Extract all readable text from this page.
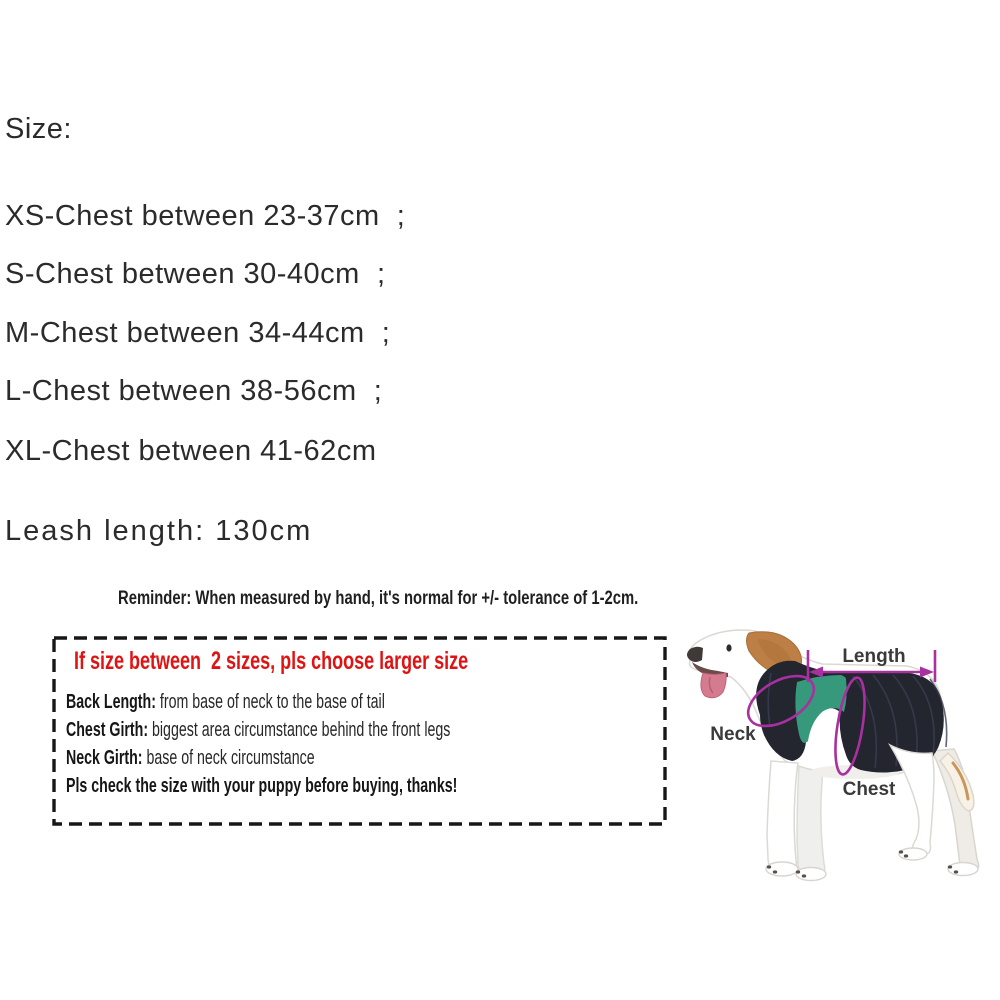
Size:
XS-Chest between 23-37cm  ;
S-Chest between 30-40cm  ;
M-Chest between 34-44cm  ;
L-Chest between 38-56cm  ;
XL-Chest between 41-62cm
Leash length: 130cm
Reminder: When measured by hand, it's normal for +/- tolerance of 1-2cm.
If size between  2 sizes, pls choose larger size
Back Length: from base of neck to the base of tail
Chest Girth: biggest area circumstance behind the front legs
Neck Girth: base of neck circumstance
Pls check the size with your puppy before buying, thanks!
Length
Neck
Chest
